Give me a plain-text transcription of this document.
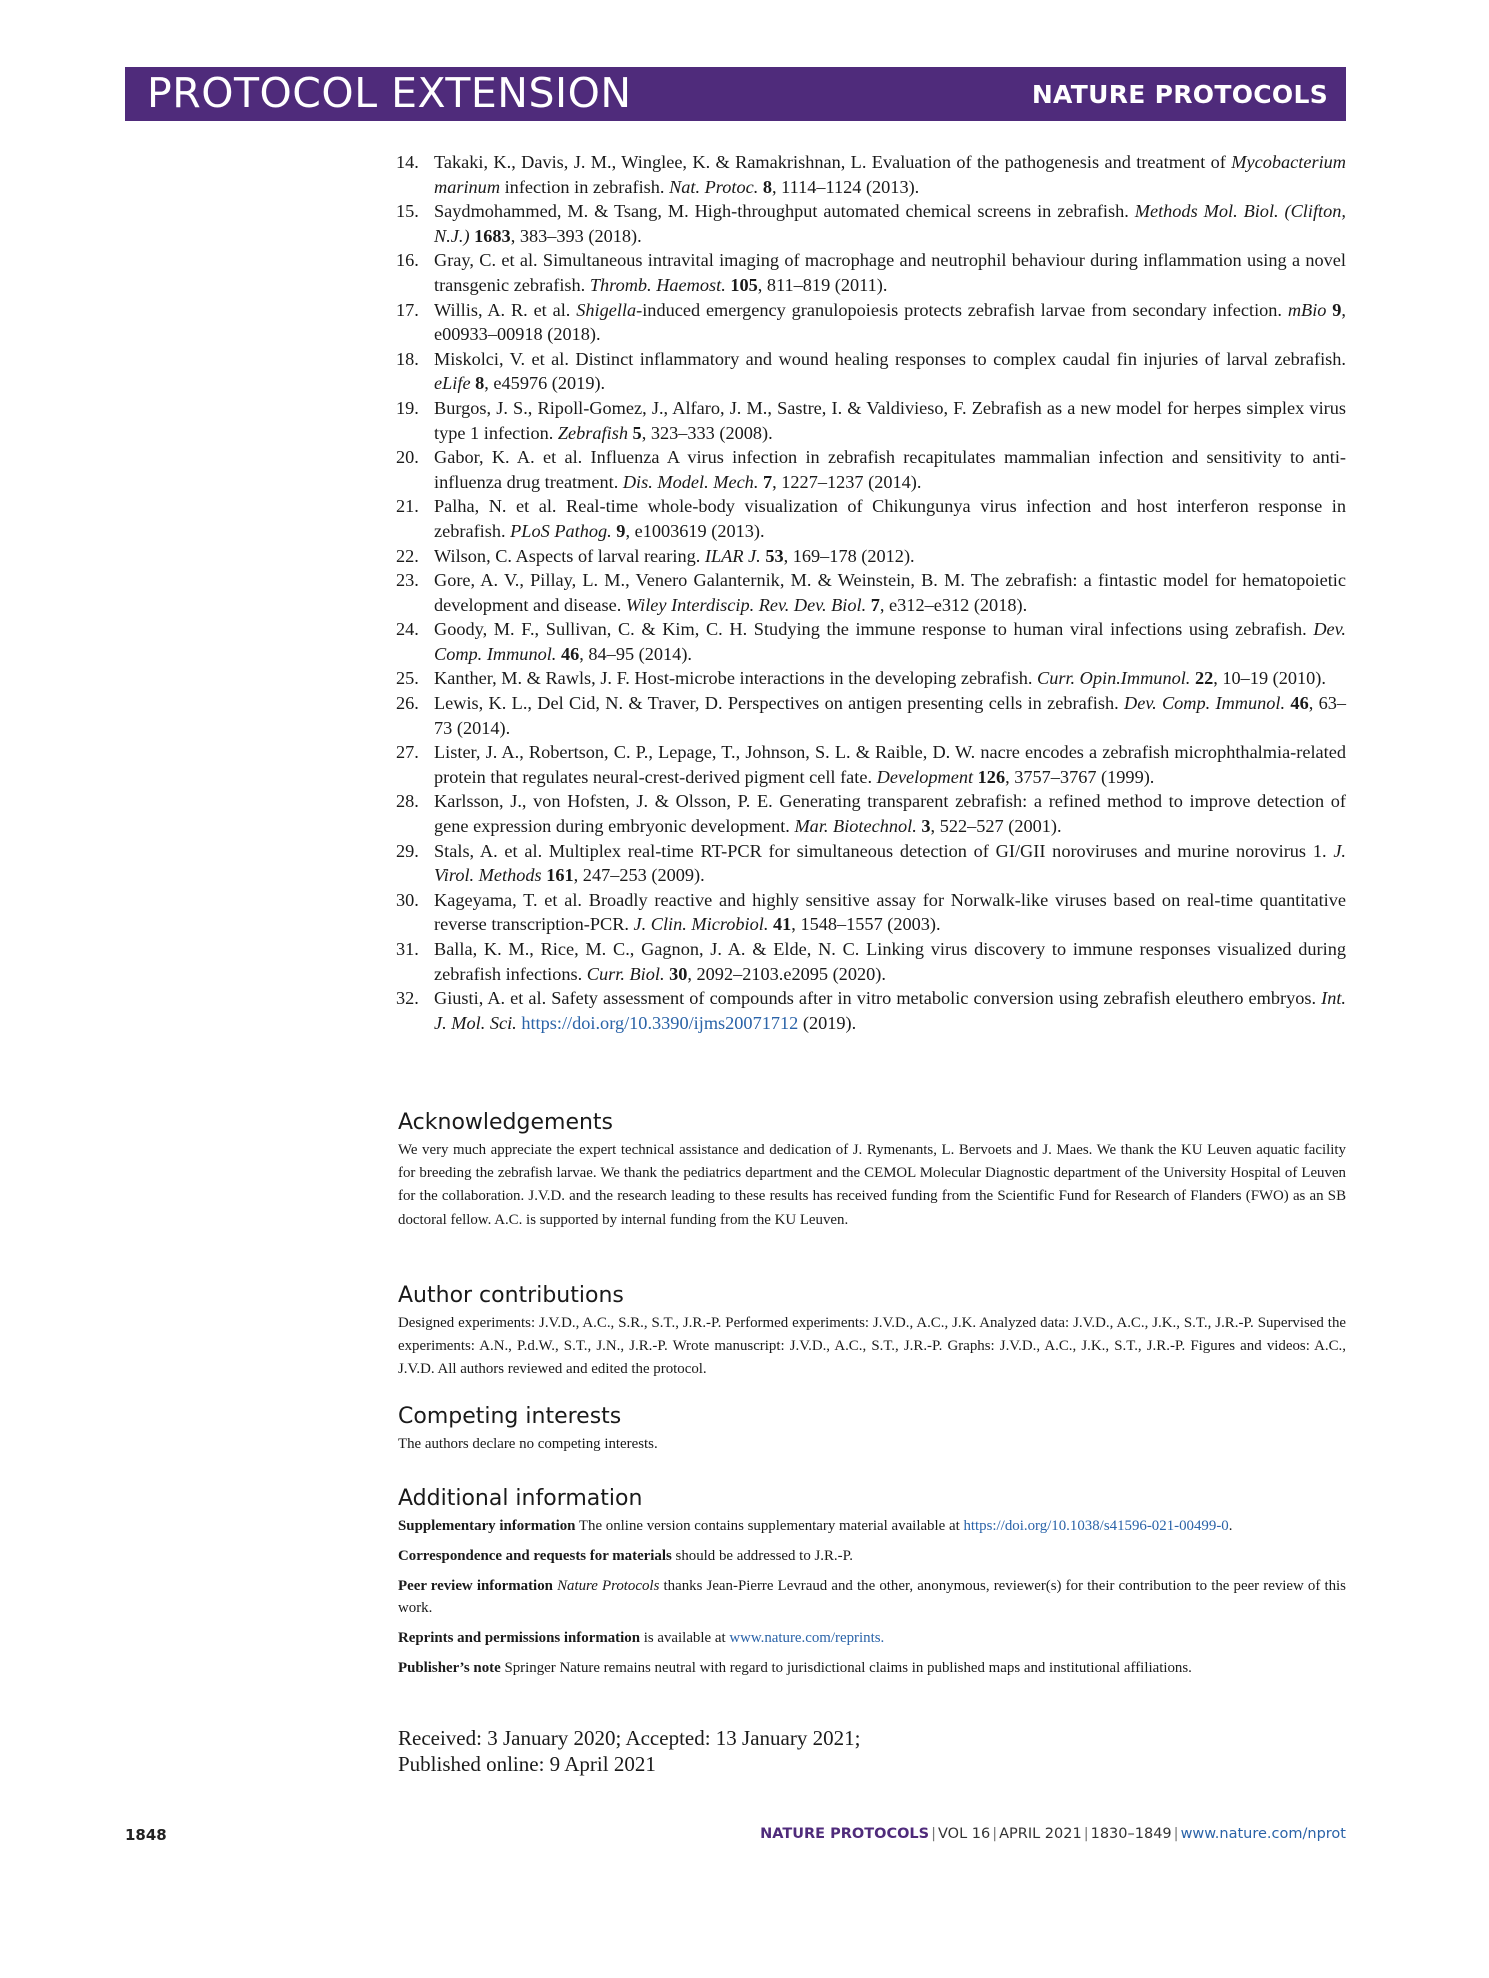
PROTOCOL EXTENSION	NATURE PROTOCOLS
14. Takaki, K., Davis, J. M., Winglee, K. & Ramakrishnan, L. Evaluation of the pathogenesis and treatment of Mycobacterium marinum infection in zebrafish. Nat. Protoc. 8, 1114–1124 (2013).
15. Saydmohammed, M. & Tsang, M. High-throughput automated chemical screens in zebrafish. Methods Mol. Biol. (Clifton, N.J.) 1683, 383–393 (2018).
16. Gray, C. et al. Simultaneous intravital imaging of macrophage and neutrophil behaviour during inflammation using a novel transgenic zebrafish. Thromb. Haemost. 105, 811–819 (2011).
17. Willis, A. R. et al. Shigella-induced emergency granulopoiesis protects zebrafish larvae from secondary infection. mBio 9, e00933–00918 (2018).
18. Miskolci, V. et al. Distinct inflammatory and wound healing responses to complex caudal fin injuries of larval zebrafish. eLife 8, e45976 (2019).
19. Burgos, J. S., Ripoll-Gomez, J., Alfaro, J. M., Sastre, I. & Valdivieso, F. Zebrafish as a new model for herpes simplex virus type 1 infection. Zebrafish 5, 323–333 (2008).
20. Gabor, K. A. et al. Influenza A virus infection in zebrafish recapitulates mammalian infection and sensitivity to anti-influenza drug treatment. Dis. Model. Mech. 7, 1227–1237 (2014).
21. Palha, N. et al. Real-time whole-body visualization of Chikungunya virus infection and host interferon response in zebrafish. PLoS Pathog. 9, e1003619 (2013).
22. Wilson, C. Aspects of larval rearing. ILAR J. 53, 169–178 (2012).
23. Gore, A. V., Pillay, L. M., Venero Galanternik, M. & Weinstein, B. M. The zebrafish: a fintastic model for hematopoietic development and disease. Wiley Interdiscip. Rev. Dev. Biol. 7, e312–e312 (2018).
24. Goody, M. F., Sullivan, C. & Kim, C. H. Studying the immune response to human viral infections using zebrafish. Dev. Comp. Immunol. 46, 84–95 (2014).
25. Kanther, M. & Rawls, J. F. Host-microbe interactions in the developing zebrafish. Curr. Opin.Immunol. 22, 10–19 (2010).
26. Lewis, K. L., Del Cid, N. & Traver, D. Perspectives on antigen presenting cells in zebrafish. Dev. Comp. Immunol. 46, 63–73 (2014).
27. Lister, J. A., Robertson, C. P., Lepage, T., Johnson, S. L. & Raible, D. W. nacre encodes a zebrafish microphthalmia-related protein that regulates neural-crest-derived pigment cell fate. Development 126, 3757–3767 (1999).
28. Karlsson, J., von Hofsten, J. & Olsson, P. E. Generating transparent zebrafish: a refined method to improve detection of gene expression during embryonic development. Mar. Biotechnol. 3, 522–527 (2001).
29. Stals, A. et al. Multiplex real-time RT-PCR for simultaneous detection of GI/GII noroviruses and murine norovirus 1. J. Virol. Methods 161, 247–253 (2009).
30. Kageyama, T. et al. Broadly reactive and highly sensitive assay for Norwalk-like viruses based on real-time quantitative reverse transcription-PCR. J. Clin. Microbiol. 41, 1548–1557 (2003).
31. Balla, K. M., Rice, M. C., Gagnon, J. A. & Elde, N. C. Linking virus discovery to immune responses visualized during zebrafish infections. Curr. Biol. 30, 2092–2103.e2095 (2020).
32. Giusti, A. et al. Safety assessment of compounds after in vitro metabolic conversion using zebrafish eleuthero embryos. Int. J. Mol. Sci. https://doi.org/10.3390/ijms20071712 (2019).
Acknowledgements
We very much appreciate the expert technical assistance and dedication of J. Rymenants, L. Bervoets and J. Maes. We thank the KU Leuven aquatic facility for breeding the zebrafish larvae. We thank the pediatrics department and the CEMOL Molecular Diagnostic department of the University Hospital of Leuven for the collaboration. J.V.D. and the research leading to these results has received funding from the Scientific Fund for Research of Flanders (FWO) as an SB doctoral fellow. A.C. is supported by internal funding from the KU Leuven.
Author contributions
Designed experiments: J.V.D., A.C., S.R., S.T., J.R.-P. Performed experiments: J.V.D., A.C., J.K. Analyzed data: J.V.D., A.C., J.K., S.T., J.R.-P. Supervised the experiments: A.N., P.d.W., S.T., J.N., J.R.-P. Wrote manuscript: J.V.D., A.C., S.T., J.R.-P. Graphs: J.V.D., A.C., J.K., S.T., J.R.-P. Figures and videos: A.C., J.V.D. All authors reviewed and edited the protocol.
Competing interests
The authors declare no competing interests.
Additional information
Supplementary information The online version contains supplementary material available at https://doi.org/10.1038/s41596-021-00499-0.
Correspondence and requests for materials should be addressed to J.R.-P.
Peer review information Nature Protocols thanks Jean-Pierre Levraud and the other, anonymous, reviewer(s) for their contribution to the peer review of this work.
Reprints and permissions information is available at www.nature.com/reprints.
Publisher’s note Springer Nature remains neutral with regard to jurisdictional claims in published maps and institutional affiliations.
Received: 3 January 2020; Accepted: 13 January 2021;
Published online: 9 April 2021
1848	NATURE PROTOCOLS | VOL 16 | APRIL 2021 | 1830–1849 | www.nature.com/nprot
